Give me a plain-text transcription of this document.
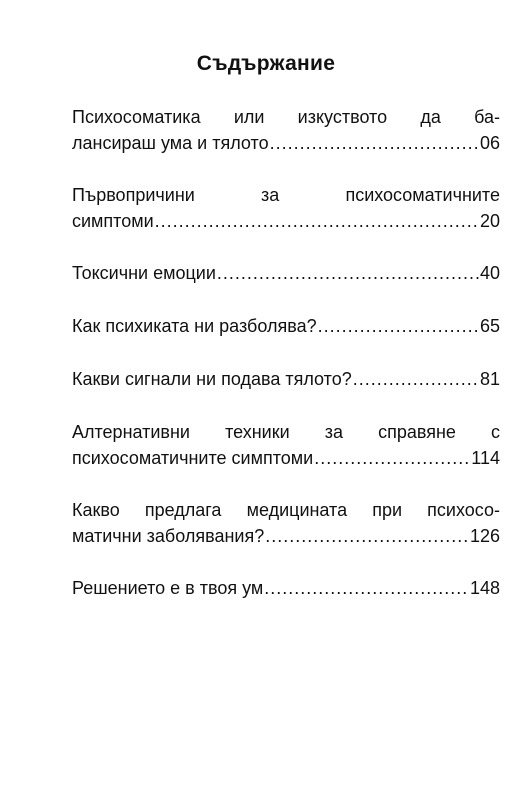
Съдържание
Психосоматика или изкуството да ба-
лансираш ума и тялото .....	06
Първопричини за психосоматичните
симптоми .....	20
Токсични емоции .....	40
Как психиката ни разболява? .....	65
Какви сигнали ни подава тялото? .....	81
Алтернативни техники за справяне с
психосоматичните симптоми .....	114
Какво предлага медицината при психосо-
матични заболявания? .....	126
Решението е в твоя ум .....	148
